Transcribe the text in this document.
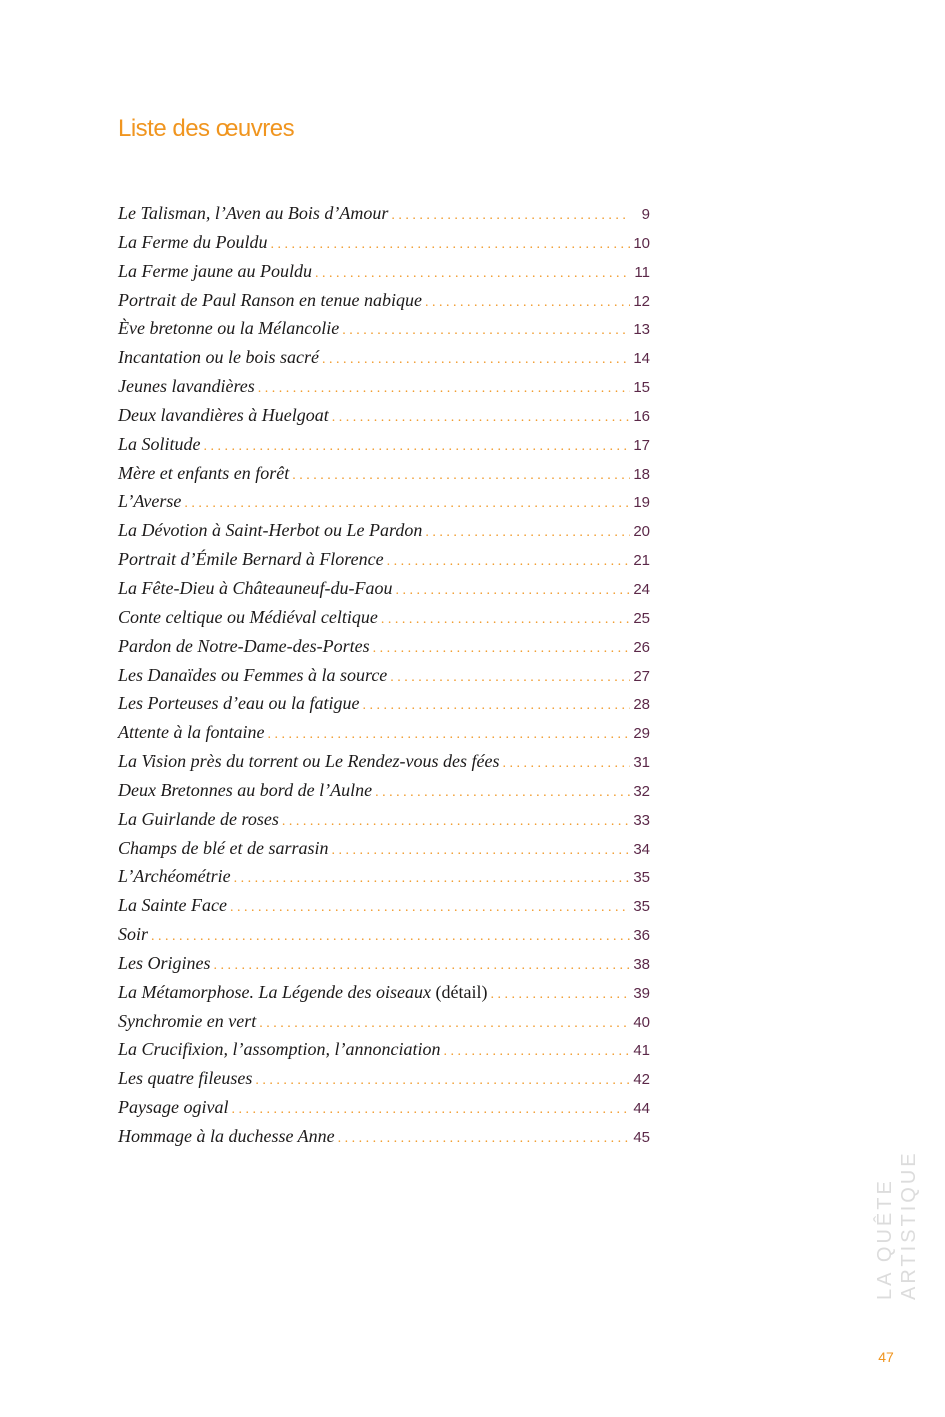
Liste des œuvres
Le Talisman, l’Aven au Bois d’Amour . . .	9
La Ferme du Pouldu . . .	10
La Ferme jaune au Pouldu . . .	11
Portrait de Paul Ranson en tenue nabique . . .	12
Ève bretonne ou la Mélancolie . . .	13
Incantation ou le bois sacré . . .	14
Jeunes lavandières . . .	15
Deux lavandières à Huelgoat . . .	16
La Solitude . . .	17
Mère et enfants en forêt . . .	18
L’Averse . . .	19
La Dévotion à Saint-Herbot ou Le Pardon . . .	20
Portrait d’Émile Bernard à Florence . . .	21
La Fête-Dieu à Châteauneuf-du-Faou . . .	24
Conte celtique ou Médiéval celtique . . .	25
Pardon de Notre-Dame-des-Portes . . .	26
Les Danaïdes ou Femmes à la source . . .	27
Les Porteuses d’eau ou la fatigue . . .	28
Attente à la fontaine . . .	29
La Vision près du torrent ou Le Rendez-vous des fées . . .	31
Deux Bretonnes au bord de l’Aulne . . .	32
La Guirlande de roses . . .	33
Champs de blé et de sarrasin . . .	34
L’Archéométrie . . .	35
La Sainte Face . . .	35
Soir . . .	36
Les Origines . . .	38
La Métamorphose. La Légende des oiseaux (détail) . . .	39
Synchromie en vert . . .	40
La Crucifixion, l’assomption, l’annonciation . . .	41
Les quatre fileuses . . .	42
Paysage ogival . . .	44
Hommage à la duchesse Anne . . .	45
LA QUÊTE ARTISTIQUE
47
